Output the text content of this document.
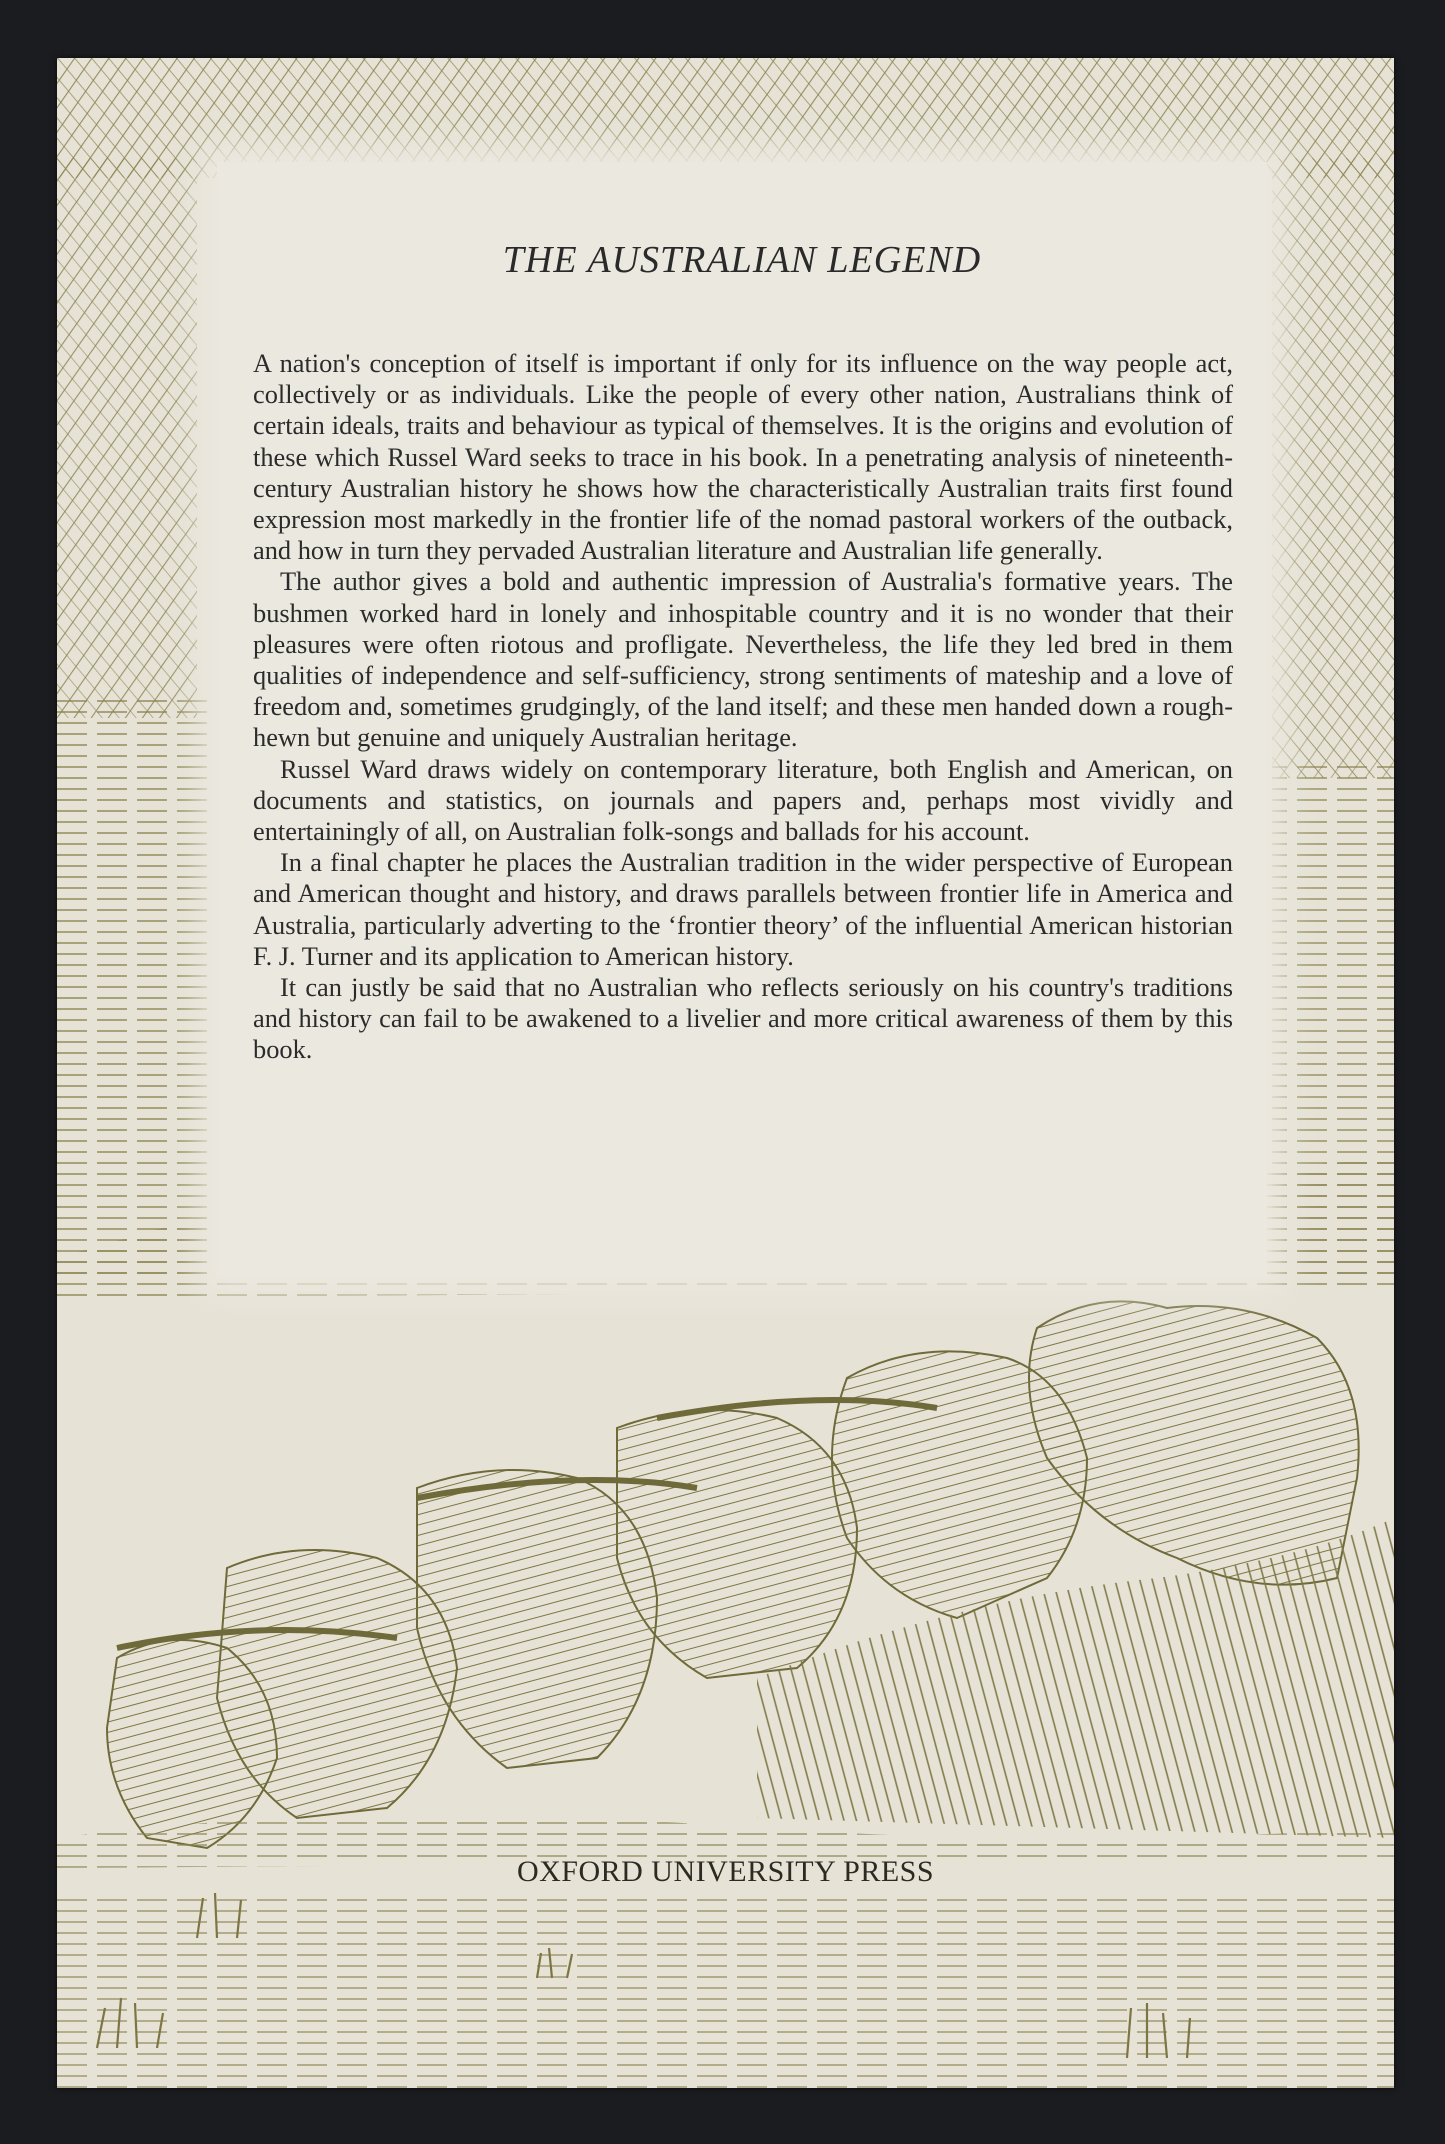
THE AUSTRALIAN LEGEND

A nation's conception of itself is important if only for its influence on the way people act, collectively or as individuals. Like the people of every other nation, Australians think of certain ideals, traits and behaviour as typical of themselves. It is the origins and evolution of these which Russel Ward seeks to trace in his book. In a penetrating analysis of nineteenth-century Australian history he shows how the characteristically Australian traits first found expression most markedly in the frontier life of the nomad pastoral workers of the outback, and how in turn they pervaded Australian literature and Australian life generally.

The author gives a bold and authentic impression of Australia's formative years. The bushmen worked hard in lonely and inhospitable country and it is no wonder that their pleasures were often riotous and profligate. Nevertheless, the life they led bred in them qualities of independence and self-sufficiency, strong sentiments of mateship and a love of freedom and, sometimes grudgingly, of the land itself; and these men handed down a rough-hewn but genuine and uniquely Australian heritage.

Russel Ward draws widely on contemporary literature, both English and American, on documents and statistics, on journals and papers and, perhaps most vividly and entertainingly of all, on Australian folk-songs and ballads for his account.

In a final chapter he places the Australian tradition in the wider perspective of European and American thought and history, and draws parallels between frontier life in America and Australia, particularly adverting to the ‘frontier theory’ of the influential American historian F. J. Turner and its application to American history.

It can justly be said that no Australian who reflects seriously on his country's traditions and history can fail to be awakened to a livelier and more critical awareness of them by this book.

OXFORD UNIVERSITY PRESS
